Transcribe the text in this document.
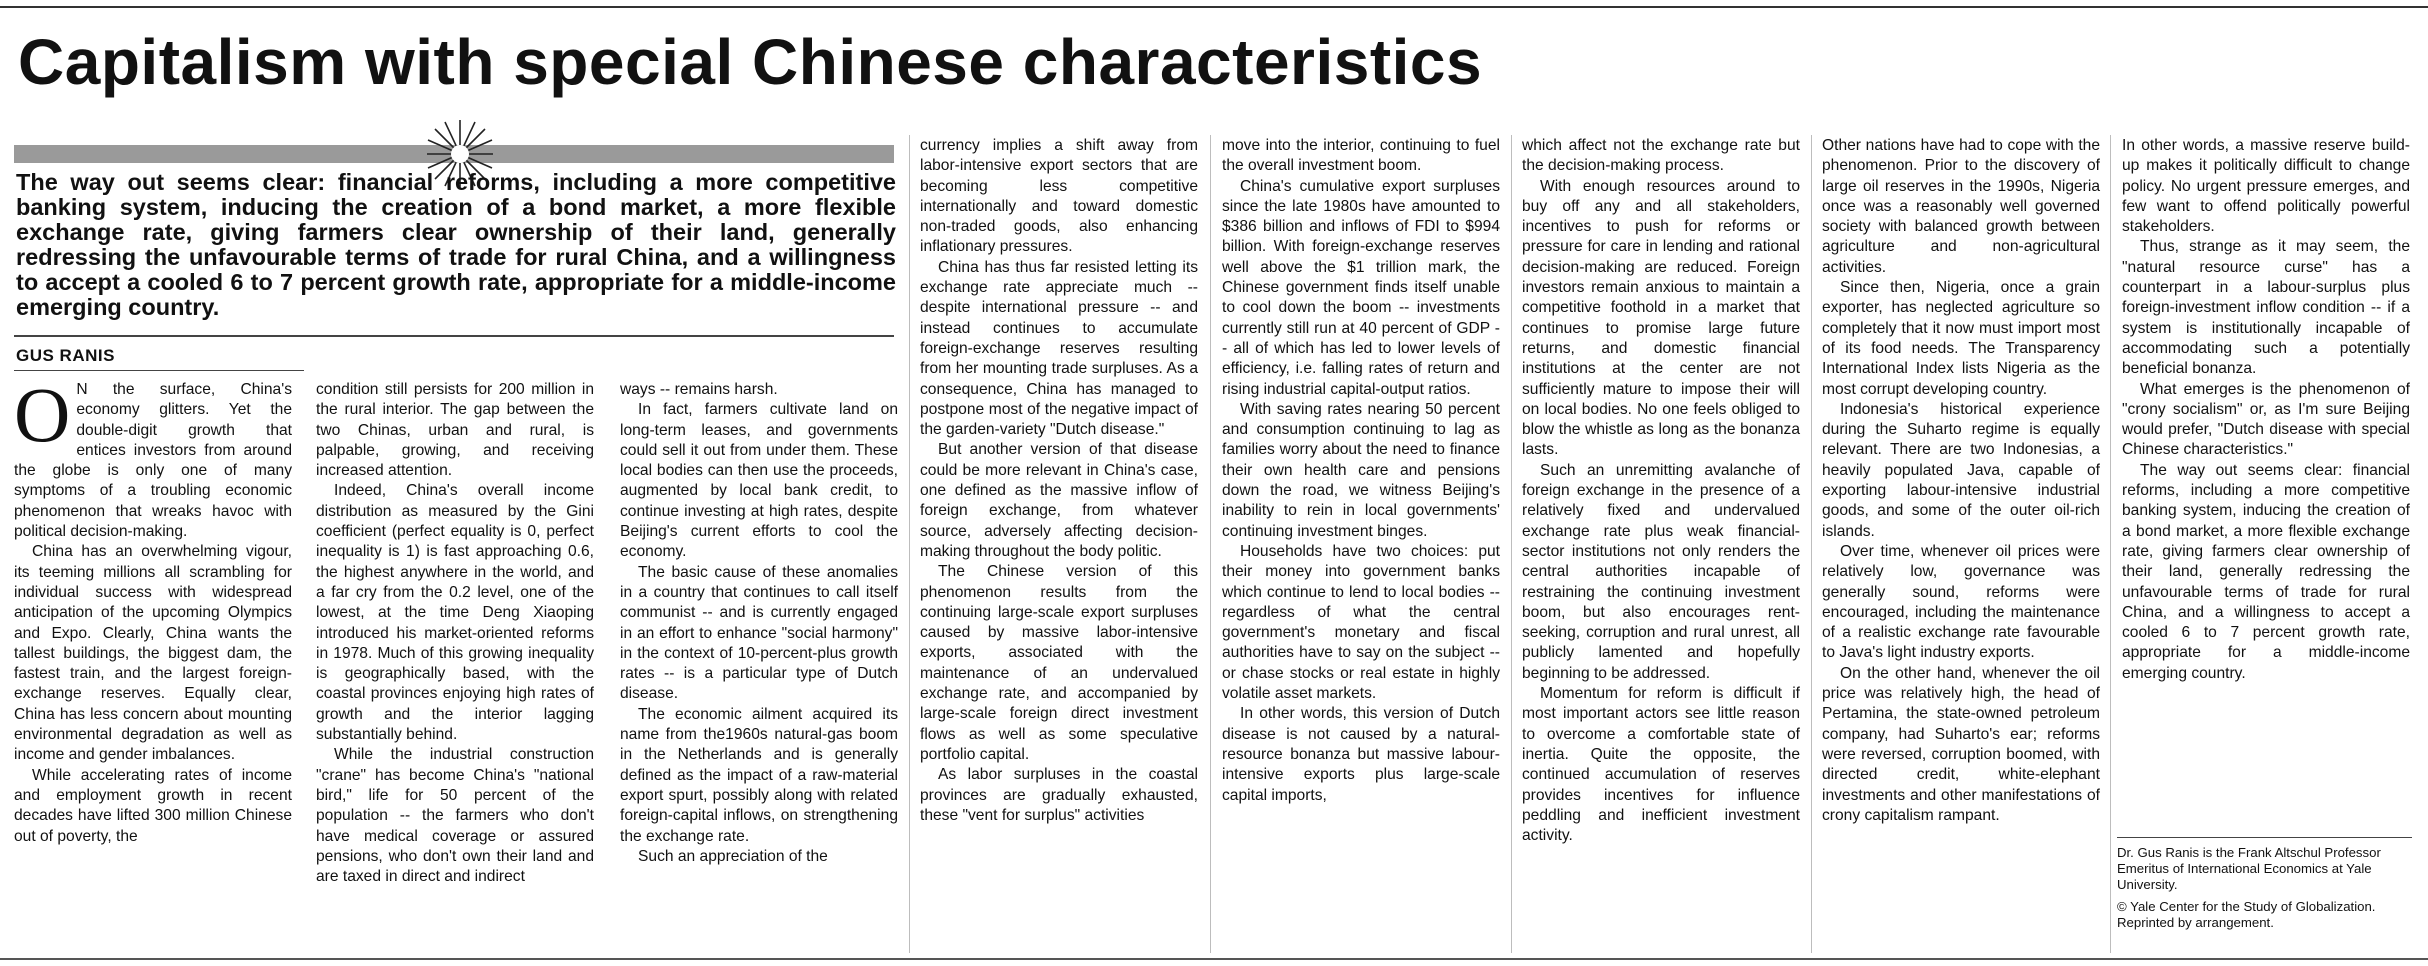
Capitalism with special Chinese characteristics
The way out seems clear: financial reforms, including a more competitive banking system, inducing the creation of a bond market, a more flexible exchange rate, giving farmers clear ownership of their land, generally redressing the unfavourable terms of trade for rural China, and a willingness to accept a cooled 6 to 7 percent growth rate, appropriate for a middle-income emerging country.
GUS RANIS
O N the surface, China's economy glitters. Yet the double-digit growth that entices investors from around the globe is only one of many symptoms of a troubling economic phenomenon that wreaks havoc with political decision-making.

China has an overwhelming vigour, its teeming millions all scrambling for individual success with widespread anticipation of the upcoming Olympics and Expo. Clearly, China wants the tallest buildings, the biggest dam, the fastest train, and the largest foreign-exchange reserves. Equally clear, China has less concern about mounting environmental degradation as well as income and gender imbalances.

While accelerating rates of income and employment growth in recent decades have lifted 300 million Chinese out of poverty, the

condition still persists for 200 million in the rural interior. The gap between the two Chinas, urban and rural, is palpable, growing, and receiving increased attention.

Indeed, China's overall income distribution as measured by the Gini coefficient (perfect equality is 0, perfect inequality is 1) is fast approaching 0.6, the highest anywhere in the world, and a far cry from the 0.2 level, one of the lowest, at the time Deng Xiaoping introduced his market-oriented reforms in 1978. Much of this growing inequality is geographically based, with the coastal provinces enjoying high rates of growth and the interior lagging substantially behind.

While the industrial construction "crane" has become China's "national bird," life for 50 percent of the population -- the farmers who don't have medical coverage or assured pensions, who don't own their land and are taxed in direct and indirect

ways -- remains harsh.

In fact, farmers cultivate land on long-term leases, and governments could sell it out from under them. These local bodies can then use the proceeds, augmented by local bank credit, to continue investing at high rates, despite Beijing's current efforts to cool the economy.

The basic cause of these anomalies in a country that continues to call itself communist -- and is currently engaged in an effort to enhance "social harmony" in the context of 10-percent-plus growth rates -- is a particular type of Dutch disease.

The economic ailment acquired its name from the1960s natural-gas boom in the Netherlands and is generally defined as the impact of a raw-material export spurt, possibly along with related foreign-capital inflows, on strengthening the exchange rate.

Such an appreciation of the

currency implies a shift away from labor-intensive export sectors that are becoming less competitive internationally and toward domestic non-traded goods, also enhancing inflationary pressures.

China has thus far resisted letting its exchange rate appreciate much -- despite international pressure -- and instead continues to accumulate foreign-exchange reserves resulting from her mounting trade surpluses. As a consequence, China has managed to postpone most of the negative impact of the garden-variety "Dutch disease."

But another version of that disease could be more relevant in China's case, one defined as the massive inflow of foreign exchange, from whatever source, adversely affecting decision-making throughout the body politic.

The Chinese version of this phenomenon results from the continuing large-scale export surpluses caused by massive labor-intensive exports, associated with the maintenance of an undervalued exchange rate, and accompanied by large-scale foreign direct investment flows as well as some speculative portfolio capital.

As labor surpluses in the coastal provinces are gradually exhausted, these "vent for surplus" activities

move into the interior, continuing to fuel the overall investment boom.

China's cumulative export surpluses since the late 1980s have amounted to $386 billion and inflows of FDI to $994 billion. With foreign-exchange reserves well above the $1 trillion mark, the Chinese government finds itself unable to cool down the boom -- investments currently still run at 40 percent of GDP -- all of which has led to lower levels of efficiency, i.e. falling rates of return and rising industrial capital-output ratios.

With saving rates nearing 50 percent and consumption continuing to lag as families worry about the need to finance their own health care and pensions down the road, we witness Beijing's inability to rein in local governments' continuing investment binges.

Households have two choices: put their money into government banks which continue to lend to local bodies -- regardless of what the central government's monetary and fiscal authorities have to say on the subject -- or chase stocks or real estate in highly volatile asset markets.

In other words, this version of Dutch disease is not caused by a natural-resource bonanza but massive labour-intensive exports plus large-scale capital imports,

which affect not the exchange rate but the decision-making process.

With enough resources around to buy off any and all stakeholders, incentives to push for reforms or pressure for care in lending and rational decision-making are reduced. Foreign investors remain anxious to maintain a competitive foothold in a market that continues to promise large future returns, and domestic financial institutions at the center are not sufficiently mature to impose their will on local bodies. No one feels obliged to blow the whistle as long as the bonanza lasts.

Such an unremitting avalanche of foreign exchange in the presence of a relatively fixed and undervalued exchange rate plus weak financial-sector institutions not only renders the central authorities incapable of restraining the continuing investment boom, but also encourages rent-seeking, corruption and rural unrest, all publicly lamented and hopefully beginning to be addressed.

Momentum for reform is difficult if most important actors see little reason to overcome a comfortable state of inertia. Quite the opposite, the continued accumulation of reserves provides incentives for influence peddling and inefficient investment activity.

Other nations have had to cope with the phenomenon. Prior to the discovery of large oil reserves in the 1990s, Nigeria once was a reasonably well governed society with balanced growth between agriculture and non-agricultural activities.

Since then, Nigeria, once a grain exporter, has neglected agriculture so completely that it now must import most of its food needs. The Transparency International Index lists Nigeria as the most corrupt developing country.

Indonesia's historical experience during the Suharto regime is equally relevant. There are two Indonesias, a heavily populated Java, capable of exporting labour-intensive industrial goods, and some of the outer oil-rich islands.

Over time, whenever oil prices were relatively low, governance was generally sound, reforms were encouraged, including the maintenance of a realistic exchange rate favourable to Java's light industry exports.

On the other hand, whenever the oil price was relatively high, the head of Pertamina, the state-owned petroleum company, had Suharto's ear; reforms were reversed, corruption boomed, with directed credit, white-elephant investments and other manifestations of crony capitalism rampant.

In other words, a massive reserve build-up makes it politically difficult to change policy. No urgent pressure emerges, and few want to offend politically powerful stakeholders.

Thus, strange as it may seem, the "natural resource curse" has a counterpart in a labour-surplus plus foreign-investment inflow condition -- if a system is institutionally incapable of accommodating such a potentially beneficial bonanza.

What emerges is the phenomenon of "crony socialism" or, as I'm sure Beijing would prefer, "Dutch disease with special Chinese characteristics."

The way out seems clear: financial reforms, including a more competitive banking system, inducing the creation of a bond market, a more flexible exchange rate, giving farmers clear ownership of their land, generally redressing the unfavourable terms of trade for rural China, and a willingness to accept a cooled 6 to 7 percent growth rate, appropriate for a middle-income emerging country.

Dr. Gus Ranis is the Frank Altschul Professor Emeritus of International Economics at Yale University.

© Yale Center for the Study of Globalization. Reprinted by arrangement.
